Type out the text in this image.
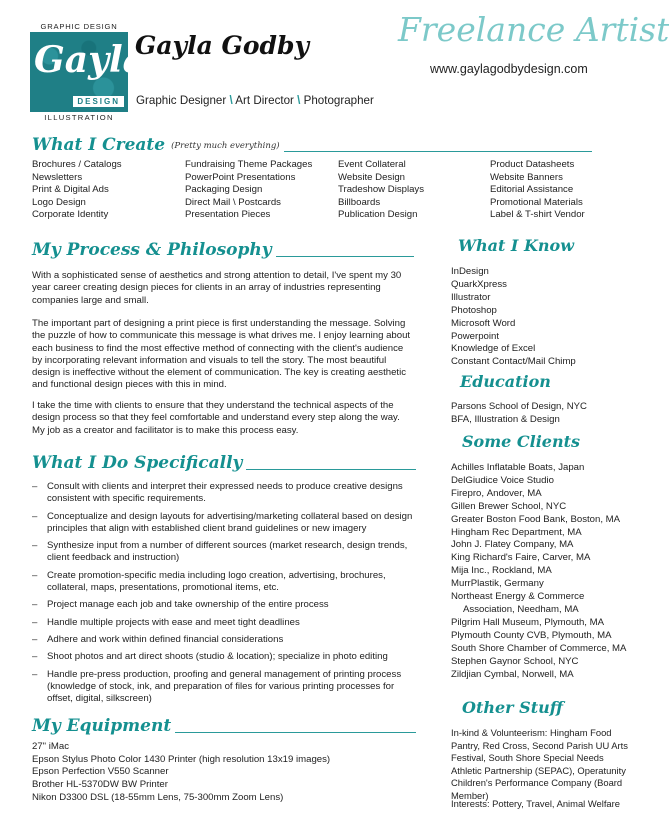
GRAPHIC DESIGN
Gayla
DESIGN
ILLUSTRATION
Gayla Godby
Graphic Designer \ Art Director \ Photographer
Freelance Artist
www.gaylagodbydesign.com
What I Create (Pretty much everything)
Brochures / Catalogs
Newsletters
Print & Digital Ads
Logo Design
Corporate Identity
Fundraising Theme Packages
PowerPoint Presentations
Packaging Design
Direct Mail \ Postcards
Presentation Pieces
Event Collateral
Website Design
Tradeshow Displays
Billboards
Publication Design
Product Datasheets
Website Banners
Editorial Assistance
Promotional Materials
Label & T-shirt Vendor
My Process & Philosophy
With a sophisticated sense of aesthetics and strong attention to detail, I've spent my 30 year career creating design pieces for clients in an array of industries representing companies large and small.
The important part of designing a print piece is first understanding the message. Solving the puzzle of how to communicate this message is what drives me. I enjoy learning about each business to find the most effective method of connecting with the client's audience by incorporating relevant information and visuals to tell the story. The most beautiful design is ineffective without the element of communication. The key is creating aesthetic and functional design pieces with this in mind.
I take the time with clients to ensure that they understand the technical aspects of the design process so that they feel comfortable and understand every step along the way. My job as a creator and facilitator is to make this process easy.
What I Do Specifically
– Consult with clients and interpret their expressed needs to produce creative designs consistent with specific requirements.
– Conceptualize and design layouts for advertising/marketing collateral based on design principles that align with established client brand guidelines or new imagery
– Synthesize input from a number of different sources (market research, design trends, client feedback and instruction)
– Create promotion-specific media including logo creation, advertising, brochures, collateral, maps, presentations, promotional items, etc.
– Project manage each job and take ownership of the entire process
– Handle multiple projects with ease and meet tight deadlines
– Adhere and work within defined financial considerations
– Shoot photos and art direct shoots (studio & location); specialize in photo editing
– Handle pre-press production, proofing and general management of printing process (knowledge of stock, ink, and preparation of files for various printing processes for offset, digital, silkscreen)
My Equipment
27" iMac
Epson Stylus Photo Color 1430 Printer (high resolution 13x19 images)
Epson Perfection V550 Scanner
Brother HL-5370DW BW Printer
Nikon D3300 DSL (18-55mm Lens, 75-300mm Zoom Lens)
What I Know
InDesign
QuarkXpress
Illustrator
Photoshop
Microsoft Word
Powerpoint
Knowledge of Excel
Constant Contact/Mail Chimp
Education
Parsons School of Design, NYC
BFA, Illustration & Design
Some Clients
Achilles Inflatable Boats, Japan
DelGiudice Voice Studio
Fireprо, Andover, MA
Gillen Brewer School, NYC
Greater Boston Food Bank, Boston, MA
Hingham Rec Department, MA
John J. Flatey Company, MA
King Richard's Faire, Carver, MA
Mija Inc., Rockland, MA
MurrPlastik, Germany
Northeast Energy & Commerce
Association, Needham, MA
Pilgrim Hall Museum, Plymouth, MA
Plymouth County CVB, Plymouth, MA
South Shore Chamber of Commerce, MA
Stephen Gaynor School, NYC
Zildjian Cymbal, Norwell, MA
Other Stuff
In-kind & Volunteerism: Hingham Food Pantry, Red Cross, Second Parish UU Arts Festival, South Shore Special Needs Athletic Partnership (SEPAC), Operatunity Children's Performance Company (Board Member)
Interests: Pottery, Travel, Animal Welfare
